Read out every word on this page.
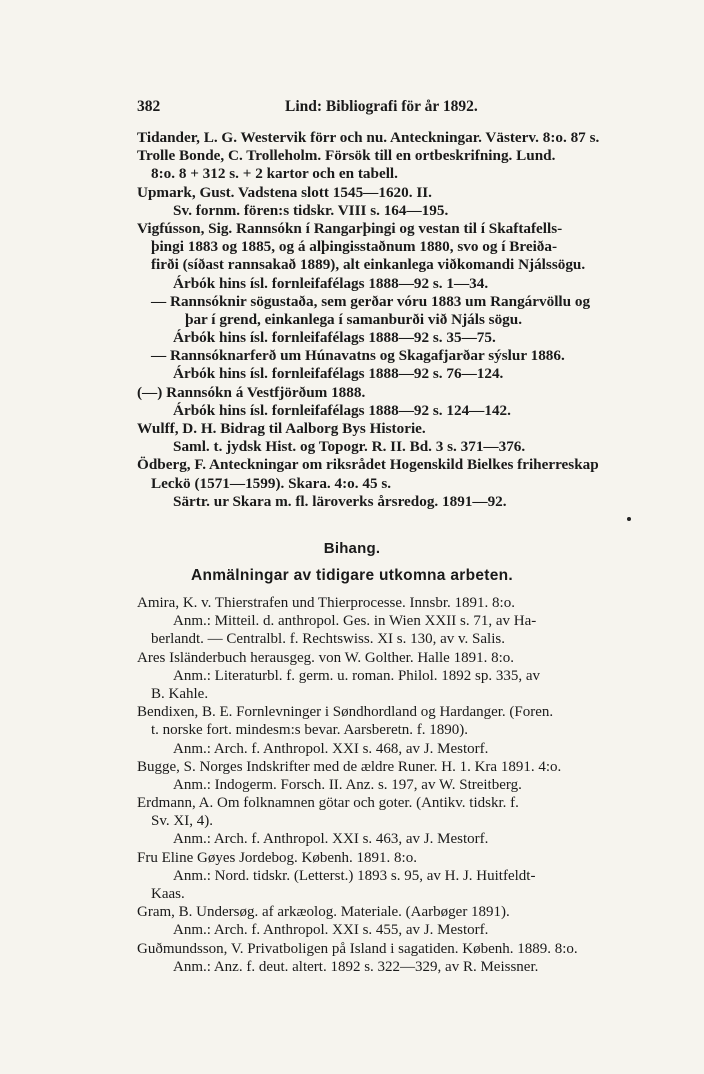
382	Lind: Bibliografi för år 1892.
Tidander, L. G. Westervik förr och nu. Anteckningar. Västerv. 8:o. 87 s.
Trolle Bonde, C. Trolleholm. Försök till en ortbeskrifning. Lund.
8:o. 8 + 312 s. + 2 kartor och en tabell.
Upmark, Gust. Vadstena slott 1545—1620. II.
Sv. fornm. fören:s tidskr. VIII s. 164—195.
Vigfússon, Sig. Rannsókn í Rangarþingi og vestan til í Skaftafells-
þingi 1883 og 1885, og á alþingisstaðnum 1880, svo og í Breiða-
firði (síðast rannsakað 1889), alt einkanlega viðkomandi Njálssögu.
Árbók hins ísl. fornleifafélags 1888—92 s. 1—34.
— Rannsóknir sögustaða, sem gerðar vóru 1883 um Rangárvöllu og
þar í grend, einkanlega í samanburði við Njáls sögu.
Árbók hins ísl. fornleifafélags 1888—92 s. 35—75.
— Rannsóknarferð um Húnavatns og Skagafjarðar sýslur 1886.
Árbók hins ísl. fornleifafélags 1888—92 s. 76—124.
(—) Rannsókn á Vestfjörðum 1888.
Árbók hins ísl. fornleifafélags 1888—92 s. 124—142.
Wulff, D. H. Bidrag til Aalborg Bys Historie.
Saml. t. jydsk Hist. og Topogr. R. II. Bd. 3 s. 371—376.
Ödberg, F. Anteckningar om riksrådet Hogenskild Bielkes friherreskap
Leckö (1571—1599). Skara. 4:o. 45 s.
Särtr. ur Skara m. fl. läroverks årsredog. 1891—92.
Bihang.
Anmälningar av tidigare utkomna arbeten.
Amira, K. v. Thierstrafen und Thierprocesse. Innsbr. 1891. 8:o.
Anm.: Mitteil. d. anthropol. Ges. in Wien XXII s. 71, av Ha-
berlandt. — Centralbl. f. Rechtswiss. XI s. 130, av v. Salis.
Ares Isländerbuch herausgeg. von W. Golther. Halle 1891. 8:o.
Anm.: Literaturbl. f. germ. u. roman. Philol. 1892 sp. 335, av
B. Kahle.
Bendixen, B. E. Fornlevninger i Søndhordland og Hardanger. (Foren.
t. norske fort. mindesm:s bevar. Aarsberetn. f. 1890).
Anm.: Arch. f. Anthropol. XXI s. 468, av J. Mestorf.
Bugge, S. Norges Indskrifter med de ældre Runer. H. 1. Kra 1891. 4:o.
Anm.: Indogerm. Forsch. II. Anz. s. 197, av W. Streitberg.
Erdmann, A. Om folknamnen götar och goter. (Antikv. tidskr. f.
Sv. XI, 4).
Anm.: Arch. f. Anthropol. XXI s. 463, av J. Mestorf.
Fru Eline Gøyes Jordebog. Københ. 1891. 8:o.
Anm.: Nord. tidskr. (Letterst.) 1893 s. 95, av H. J. Huitfeldt-
Kaas.
Gram, B. Undersøg. af arkæolog. Materiale. (Aarbøger 1891).
Anm.: Arch. f. Anthropol. XXI s. 455, av J. Mestorf.
Guðmundsson, V. Privatboligen på Island i sagatiden. Københ. 1889. 8:o.
Anm.: Anz. f. deut. altert. 1892 s. 322—329, av R. Meissner.
